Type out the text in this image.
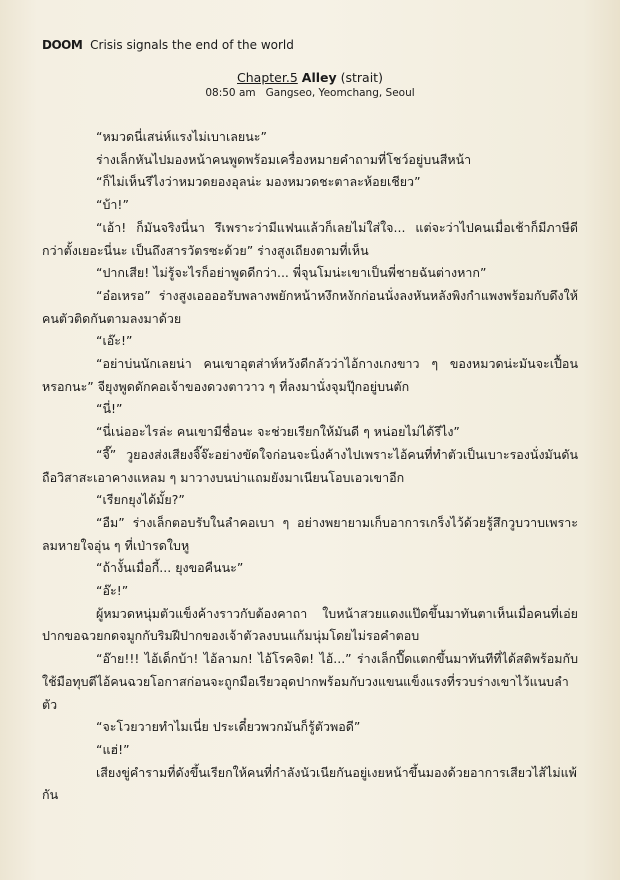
DOOM Crisis signals the end of the world
Chapter.5 Alley (strait)
08:50 am Gangseo, Yeomchang, Seoul

“หมวดนี่เสน่ห์แรงไม่เบาเลยนะ”

ร่างเล็กหันไปมองหน้าคนพูดพร้อมเครื่องหมายคำถามที่โชว์อยู่บนสีหน้า

“ก็ไม่เห็นรึไงว่าหมวดยองอุลน่ะ มองหมวดชะตาละห้อยเชียว”

“บ้า!”

“เอ้า! ก็มันจริงนี่นา รึเพราะว่ามีแฟนแล้วก็เลยไม่ใส่ใจ... แต่จะว่าไปคนเมื่อเช้าก็มีภาษีดีกว่าตั้งเยอะนี่นะ เป็นถึงสารวัตรซะด้วย” ร่างสูงเถียงตามที่เห็น

“ปากเสีย! ไม่รู้จะไรก็อย่าพูดดีกว่า... พี่จุนโมน่ะเขาเป็นพี่ชายฉันต่างหาก”

“อ๋อเหรอ” ร่างสูงเออออรับพลางพยักหน้าหงึกหงักก่อนนั่งลงหันหลังพิงกำแพงพร้อมกับดึงให้คนตัวติดกันตามลงมาด้วย

“เอ๊ะ!”

“อย่าบ่นนักเลยน่า คนเขาอุตส่าห์หวังดีกลัวว่าไอ้กางเกงขาว ๆ ของหมวดน่ะมันจะเปื้อนหรอกนะ” จียุงพูดดักคอเจ้าของดวงตาวาว ๆ ที่ลงมานั่งจุมปุ๊กอยู่บนตัก

“นี่!”

“นี่เน่ออะไรล่ะ คนเขามีชื่อนะ จะช่วยเรียกให้มันดี ๆ หน่อยไม่ได้รึไง”

“จี๊” วูยองส่งเสียงจิ๊จ๊ะอย่างขัดใจก่อนจะนิ่งค้างไปเพราะไอ้คนที่ทำตัวเป็นเบาะรองนั่งมันดันถือวิสาสะเอาคางแหลม ๆ มาวางบนบ่าแถมยังมาเนียนโอบเอวเขาอีก

“เรียกยุงได้มั้ย?”

“อืม” ร่างเล็กตอบรับในลำคอเบา ๆ อย่างพยายามเก็บอาการเกร็งไว้ด้วยรู้สึกวูบวาบเพราะลมหายใจอุ่น ๆ ที่เป่ารดใบหู

“ถ้างั้นเมื่อกี้... ยุงขอคืนนะ”

“อ๊ะ!”

ผู้หมวดหนุ่มตัวแข็งค้างราวกับต้องคาถา ใบหน้าสวยแดงแป๊ดขึ้นมาทันตาเห็นเมื่อคนที่เอ่ยปากขอฉวยกดจมูกกับริมฝีปากของเจ้าตัวลงบนแก้มนุ่มโดยไม่รอคำตอบ

“อ๊าย!!! ไอ้เด็กบ้า! ไอ้ลามก! ไอ้โรคจิต! ไอ้...” ร่างเล็กปี๊ดแตกขึ้นมาทันทีที่ได้สติพร้อมกับใช้มือทุบตีไอ้คนฉวยโอกาสก่อนจะถูกมือเรียวอุดปากพร้อมกับวงแขนแข็งแรงที่รวบร่างเขาไว้แนบลำตัว

“จะโวยวายทำไมเนี่ย ประเดี๋ยวพวกมันก็รู้ตัวพอดี”

“แฮ่!”

เสียงขู่คำรามที่ดังขึ้นเรียกให้คนที่กำลังนัวเนียกันอยู่เงยหน้าขึ้นมองด้วยอาการเสียวไส้ไม่แพ้กัน
